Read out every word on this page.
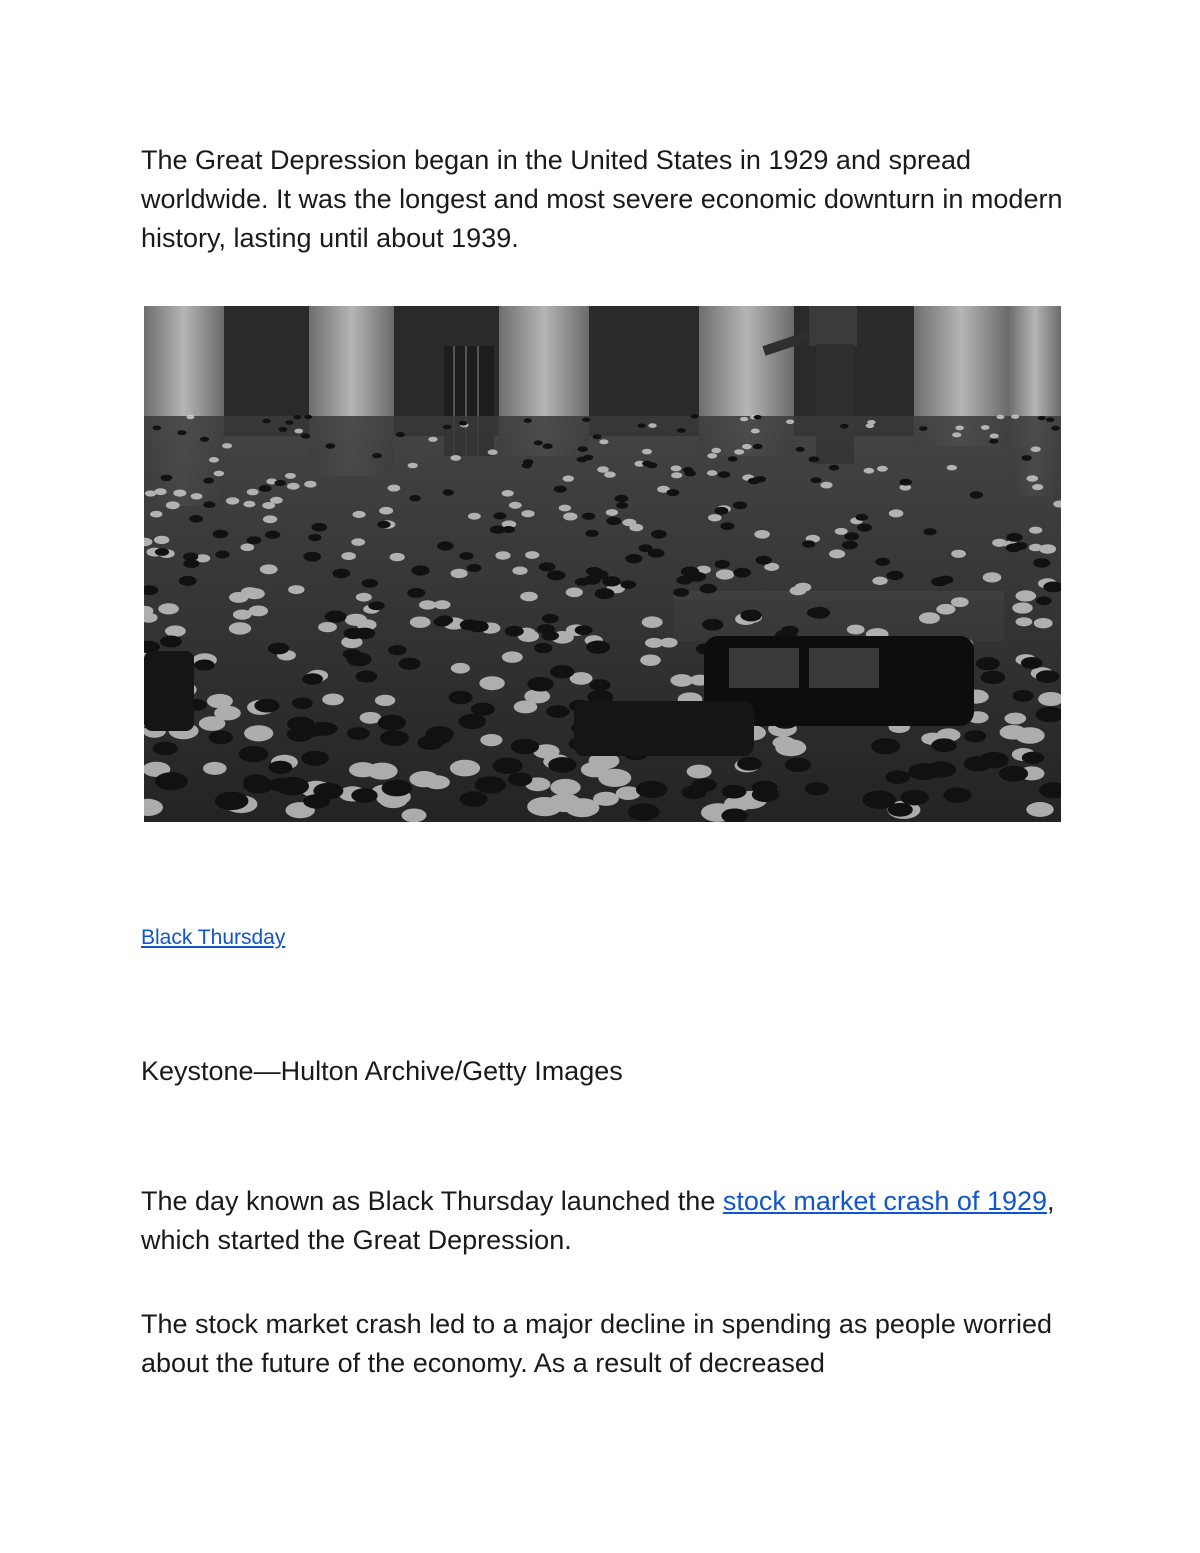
The Great Depression began in the United States in 1929 and spread worldwide. It was the longest and most severe economic downturn in modern history, lasting until about 1939.

Black Thursday

Keystone—Hulton Archive/Getty Images

The day known as Black Thursday launched the stock market crash of 1929, which started the Great Depression.

The stock market crash led to a major decline in spending as people worried about the future of the economy. As a result of decreased
